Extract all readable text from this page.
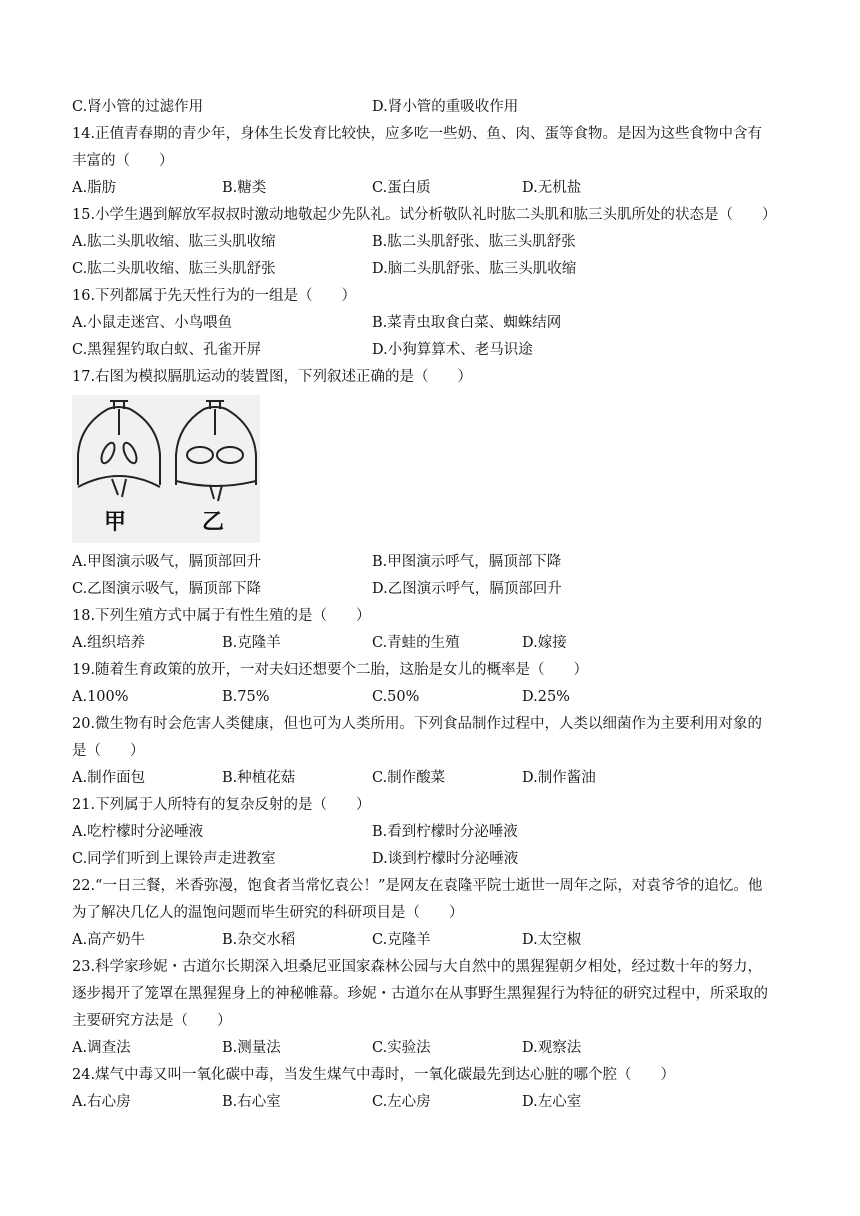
C.肾小管的过滤作用	D.肾小管的重吸收作用
14.正值青春期的青少年，身体生长发育比较快，应多吃一些奶、鱼、肉、蛋等食物。是因为这些食物中含有
丰富的（　　）
A.脂肪	B.糖类	C.蛋白质	D.无机盐
15.小学生遇到解放军叔叔时激动地敬起少先队礼。试分析敬队礼时肱二头肌和肱三头肌所处的状态是（　　）
A.肱二头肌收缩、肱三头肌收缩	B.肱二头肌舒张、肱三头肌舒张
C.肱二头肌收缩、肱三头肌舒张	D.脑二头肌舒张、肱三头肌收缩
16.下列都属于先天性行为的一组是（　　）
A.小鼠走迷宫、小鸟喂鱼	B.菜青虫取食白菜、蜘蛛结网
C.黑猩猩钓取白蚁、孔雀开屏	D.小狗算算术、老马识途
17.右图为模拟膈肌运动的装置图，下列叙述正确的是（　　）
甲	乙
A.甲图演示吸气，膈顶部回升	B.甲图演示呼气，膈顶部下降
C.乙图演示吸气，膈顶部下降	D.乙图演示呼气，膈顶部回升
18.下列生殖方式中属于有性生殖的是（　　）
A.组织培养	B.克隆羊	C.青蛙的生殖	D.嫁接
19.随着生育政策的放开，一对夫妇还想要个二胎，这胎是女儿的概率是（　　）
A.100%	B.75%	C.50%	D.25%
20.微生物有时会危害人类健康，但也可为人类所用。下列食品制作过程中，人类以细菌作为主要利用对象的
是（　　）
A.制作面包	B.种植花菇	C.制作酸菜	D.制作酱油
21.下列属于人所特有的复杂反射的是（　　）
A.吃柠檬时分泌唾液	B.看到柠檬时分泌唾液
C.同学们听到上课铃声走进教室	D.谈到柠檬时分泌唾液
22.“一日三餐，米香弥漫，饱食者当常忆袁公！”是网友在袁隆平院士逝世一周年之际，对袁爷爷的追忆。他
为了解决几亿人的温饱问题而毕生研究的科研项目是（　　）
A.高产奶牛	B.杂交水稻	C.克隆羊	D.太空椒
23.科学家珍妮・古道尔长期深入坦桑尼亚国家森林公园与大自然中的黑猩猩朝夕相处，经过数十年的努力，
逐步揭开了笼罩在黑猩猩身上的神秘帷幕。珍妮・古道尔在从事野生黑猩猩行为特征的研究过程中，所采取的
主要研究方法是（　　）
A.调查法	B.测量法	C.实验法	D.观察法
24.煤气中毒又叫一氧化碳中毒，当发生煤气中毒时，一氧化碳最先到达心脏的哪个腔（　　）
A.右心房	B.右心室	C.左心房	D.左心室
